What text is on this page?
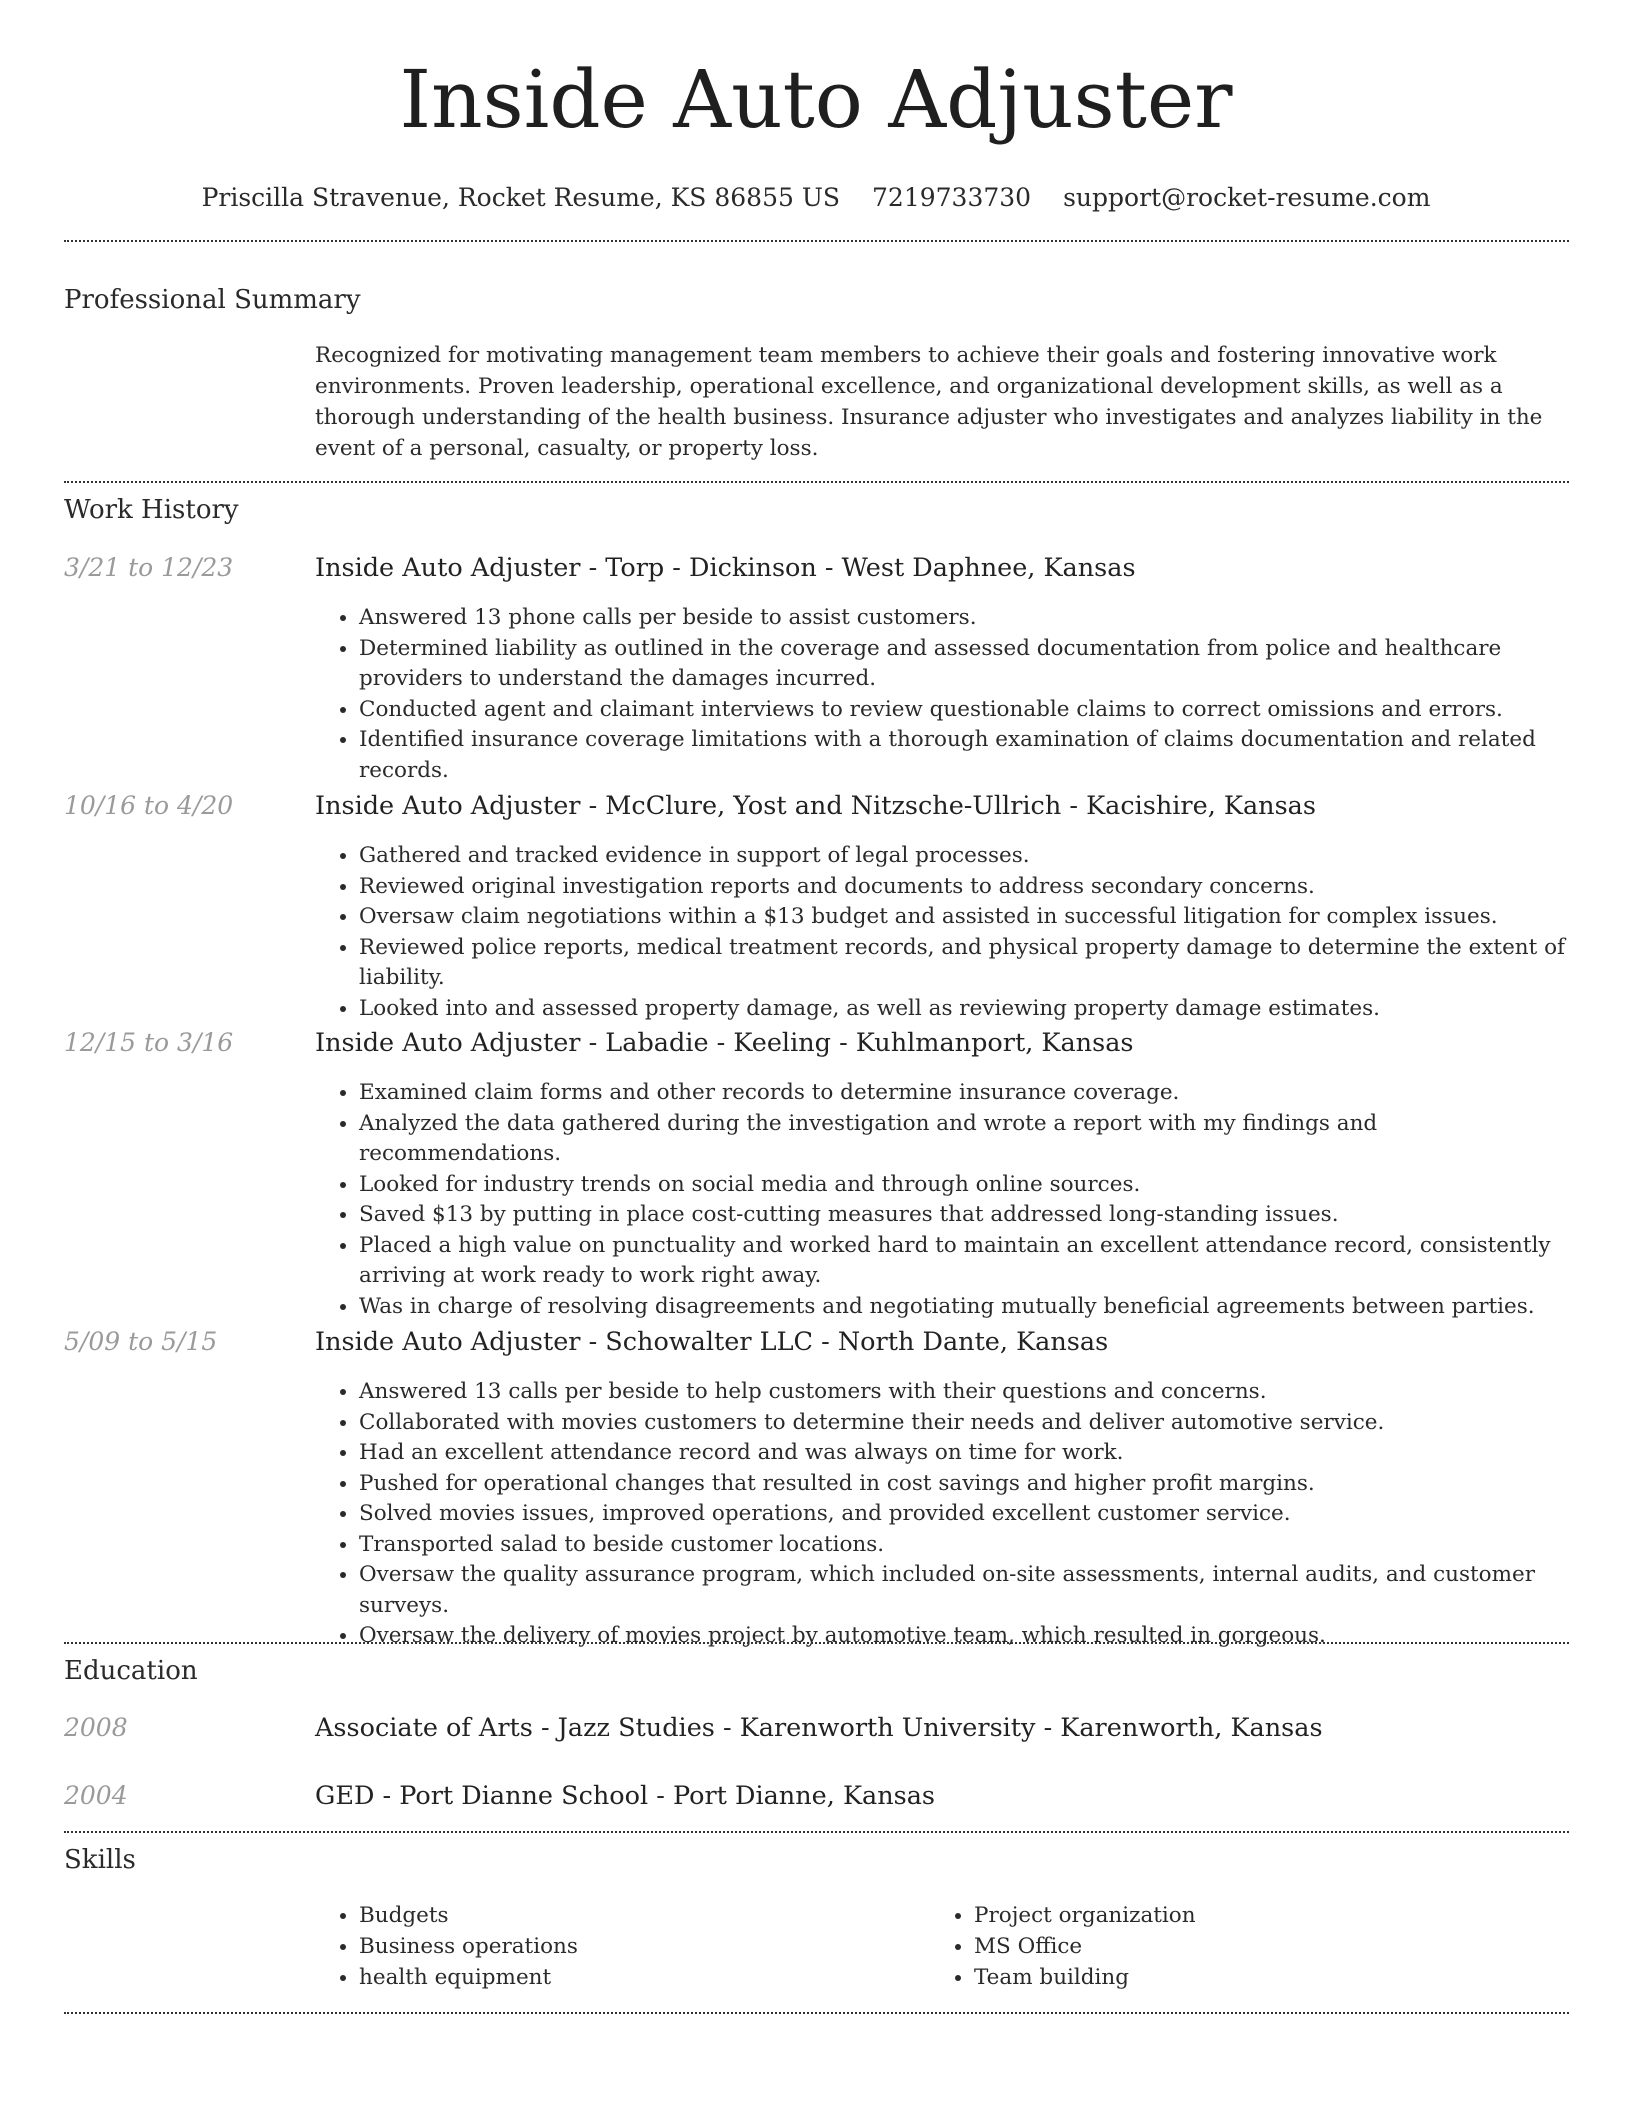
Inside Auto Adjuster
Priscilla Stravenue, Rocket Resume, KS 86855 US 7219733730 support@rocket-resume.com
Professional Summary
Recognized for motivating management team members to achieve their goals and fostering innovative work environments. Proven leadership, operational excellence, and organizational development skills, as well as a thorough understanding of the health business. Insurance adjuster who investigates and analyzes liability in the event of a personal, casualty, or property loss.
Work History
3/21 to 12/23	Inside Auto Adjuster - Torp - Dickinson - West Daphnee, Kansas
• Answered 13 phone calls per beside to assist customers.
• Determined liability as outlined in the coverage and assessed documentation from police and healthcare providers to understand the damages incurred.
• Conducted agent and claimant interviews to review questionable claims to correct omissions and errors.
• Identified insurance coverage limitations with a thorough examination of claims documentation and related records.
10/16 to 4/20	Inside Auto Adjuster - McClure, Yost and Nitzsche-Ullrich - Kacishire, Kansas
• Gathered and tracked evidence in support of legal processes.
• Reviewed original investigation reports and documents to address secondary concerns.
• Oversaw claim negotiations within a $13 budget and assisted in successful litigation for complex issues.
• Reviewed police reports, medical treatment records, and physical property damage to determine the extent of liability.
• Looked into and assessed property damage, as well as reviewing property damage estimates.
12/15 to 3/16	Inside Auto Adjuster - Labadie - Keeling - Kuhlmanport, Kansas
• Examined claim forms and other records to determine insurance coverage.
• Analyzed the data gathered during the investigation and wrote a report with my findings and recommendations.
• Looked for industry trends on social media and through online sources.
• Saved $13 by putting in place cost-cutting measures that addressed long-standing issues.
• Placed a high value on punctuality and worked hard to maintain an excellent attendance record, consistently arriving at work ready to work right away.
• Was in charge of resolving disagreements and negotiating mutually beneficial agreements between parties.
5/09 to 5/15	Inside Auto Adjuster - Schowalter LLC - North Dante, Kansas
• Answered 13 calls per beside to help customers with their questions and concerns.
• Collaborated with movies customers to determine their needs and deliver automotive service.
• Had an excellent attendance record and was always on time for work.
• Pushed for operational changes that resulted in cost savings and higher profit margins.
• Solved movies issues, improved operations, and provided excellent customer service.
• Transported salad to beside customer locations.
• Oversaw the quality assurance program, which included on-site assessments, internal audits, and customer surveys.
• Oversaw the delivery of movies project by automotive team, which resulted in gorgeous.
Education
2008	Associate of Arts - Jazz Studies - Karenworth University - Karenworth, Kansas
2004	GED - Port Dianne School - Port Dianne, Kansas
Skills
• Budgets
• Business operations
• health equipment
• Project organization
• MS Office
• Team building
